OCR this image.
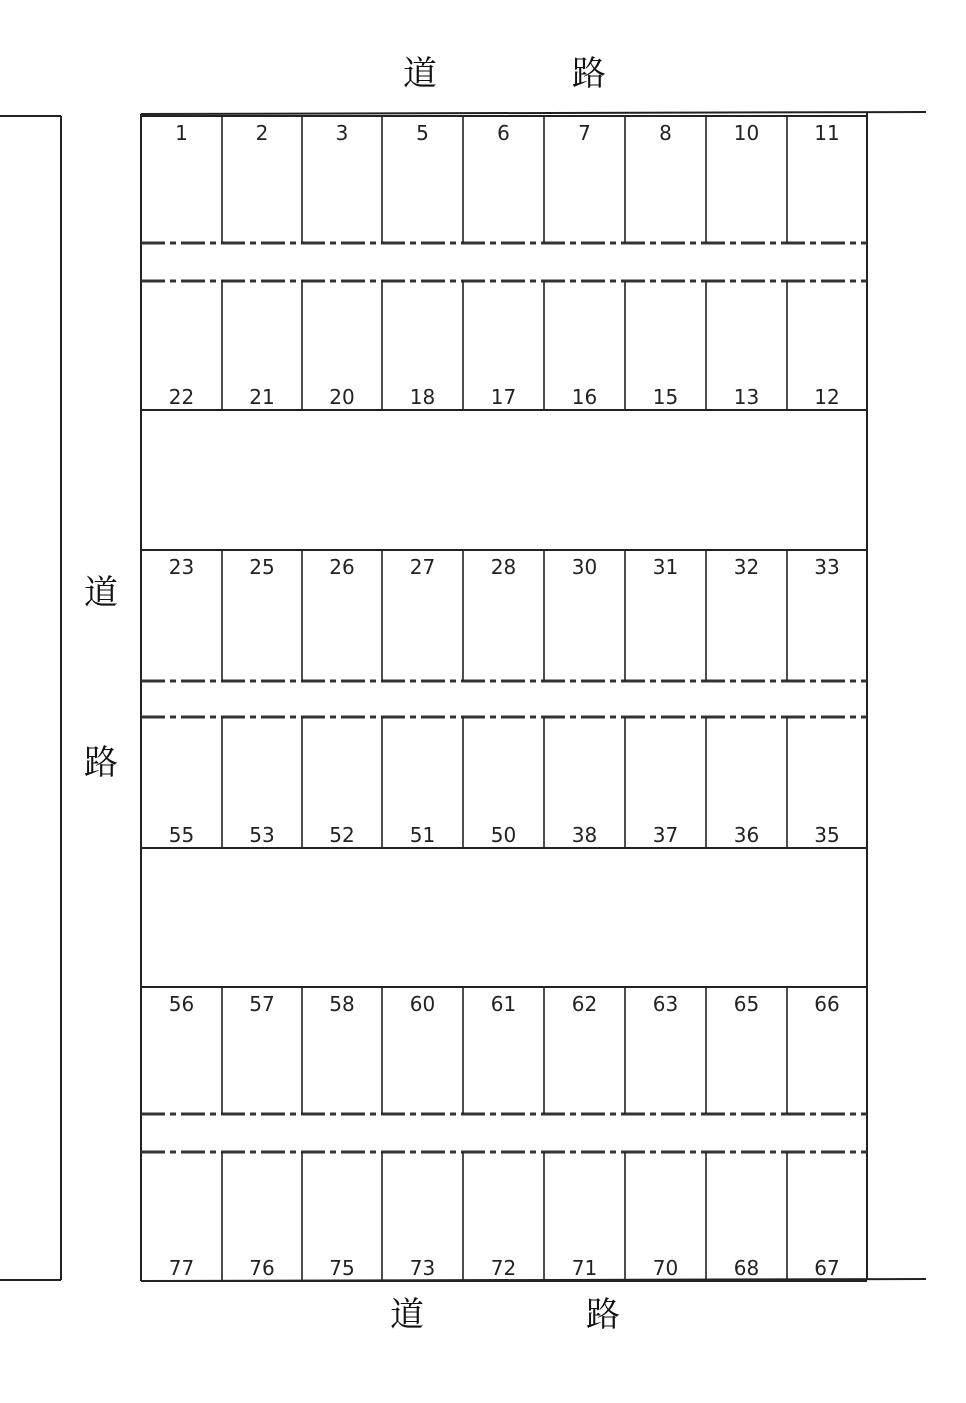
道	路
道
路
道	路
1
22
2
21
3
20
5
18
6
17
7
16
8
15
10
13
11
12
23
55
25
53
26
52
27
51
28
50
30
38
31
37
32
36
33
35
56
77
57
76
58
75
60
73
61
72
62
71
63
70
65
68
66
67
